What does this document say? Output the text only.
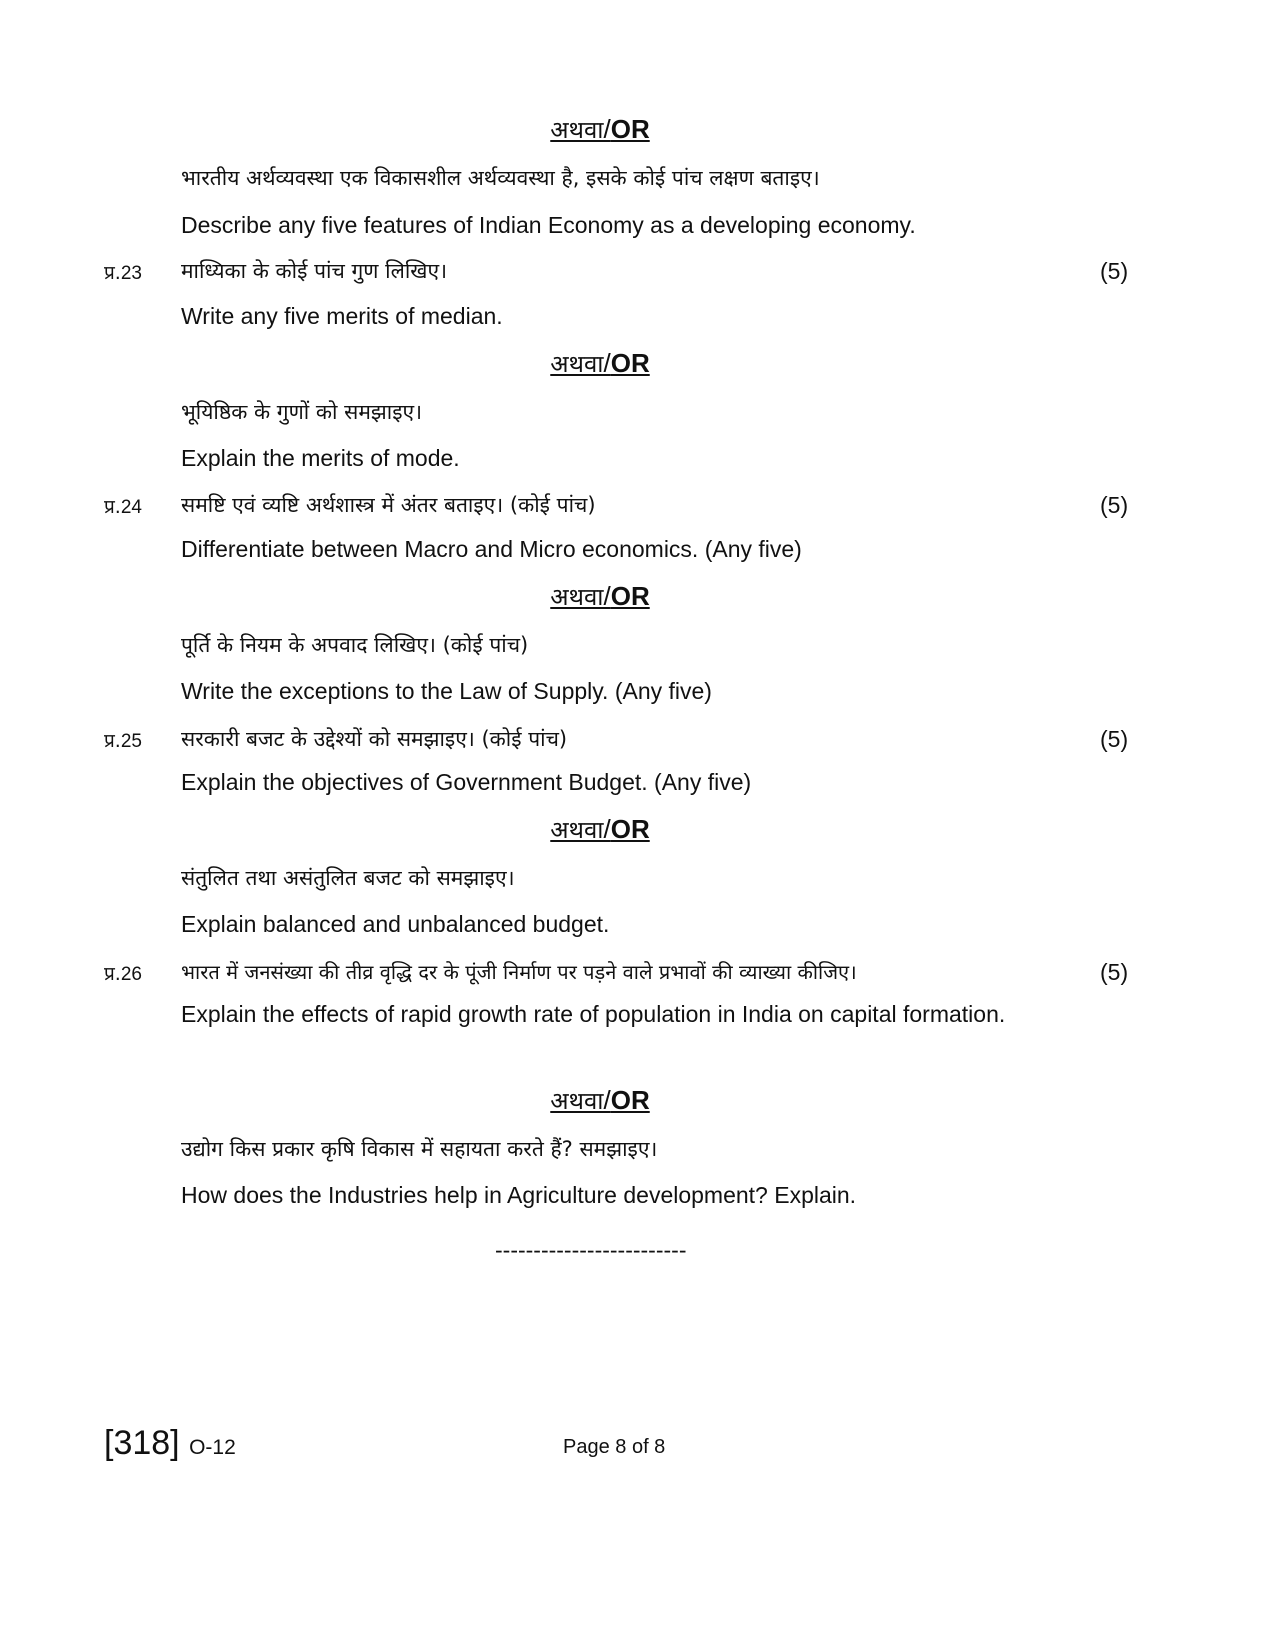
अथवा/OR
भारतीय अर्थव्यवस्था एक विकासशील अर्थव्यवस्था है, इसके कोई पांच लक्षण बताइए।
Describe any five features of Indian Economy as a developing economy.
प्र.23	माध्यिका के कोई पांच गुण लिखिए।	(5)
Write any five merits of median.
अथवा/OR
भूयिष्ठिक के गुणों को समझाइए।
Explain the merits of mode.
प्र.24	समष्टि एवं व्यष्टि अर्थशास्त्र में अंतर बताइए। (कोई पांच)	(5)
Differentiate between Macro and Micro economics. (Any five)
अथवा/OR
पूर्ति के नियम के अपवाद लिखिए। (कोई पांच)
Write the exceptions to the Law of Supply. (Any five)
प्र.25	सरकारी बजट के उद्देश्यों को समझाइए। (कोई पांच)	(5)
Explain the objectives of Government Budget. (Any five)
अथवा/OR
संतुलित तथा असंतुलित बजट को समझाइए।
Explain balanced and unbalanced budget.
प्र.26	भारत में जनसंख्या की तीव्र वृद्धि दर के पूंजी निर्माण पर पड़ने वाले प्रभावों की व्याख्या कीजिए।	(5)
Explain the effects of rapid growth rate of population in India on capital formation.
अथवा/OR
उद्योग किस प्रकार कृषि विकास में सहायता करते हैं? समझाइए।
How does the Industries help in Agriculture development? Explain.
-------------------------
[318] O-12	Page 8 of 8
